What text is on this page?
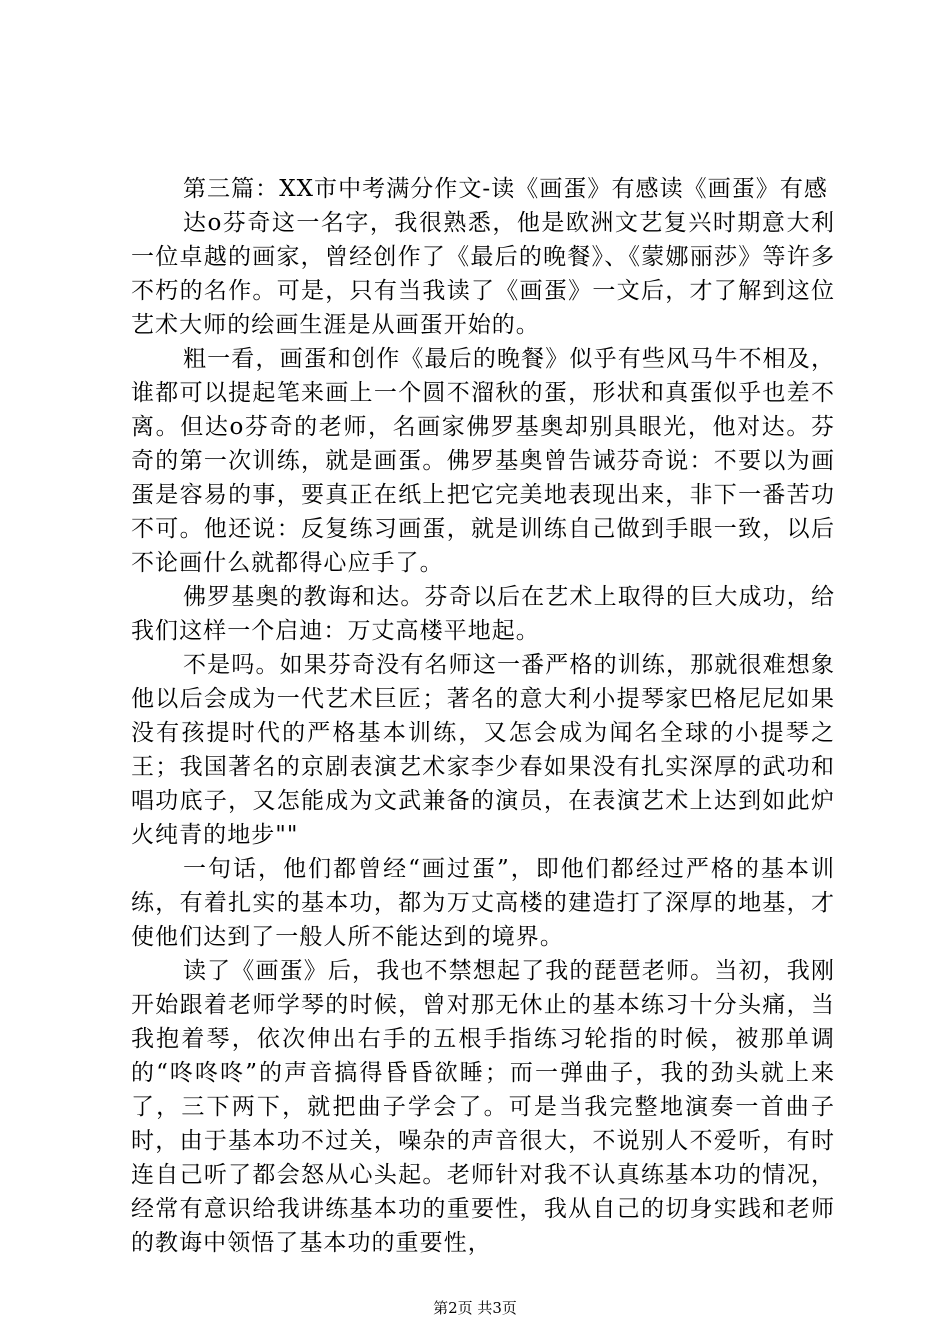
第三篇：XX市中考满分作文-读《画蛋》有感读《画蛋》有感

达o芬奇这一名字，我很熟悉，他是欧洲文艺复兴时期意大利一位卓越的画家，曾经创作了《最后的晚餐》、《蒙娜丽莎》等许多不朽的名作。可是，只有当我读了《画蛋》一文后，才了解到这位艺术大师的绘画生涯是从画蛋开始的。

粗一看，画蛋和创作《最后的晚餐》似乎有些风马牛不相及，谁都可以提起笔来画上一个圆不溜秋的蛋，形状和真蛋似乎也差不离。但达o芬奇的老师，名画家佛罗基奥却别具眼光，他对达。芬奇的第一次训练，就是画蛋。佛罗基奥曾告诫芬奇说：不要以为画蛋是容易的事，要真正在纸上把它完美地表现出来，非下一番苦功不可。他还说：反复练习画蛋，就是训练自己做到手眼一致，以后不论画什么就都得心应手了。

佛罗基奥的教诲和达。芬奇以后在艺术上取得的巨大成功，给我们这样一个启迪：万丈高楼平地起。

不是吗。如果芬奇没有名师这一番严格的训练，那就很难想象他以后会成为一代艺术巨匠；著名的意大利小提琴家巴格尼尼如果没有孩提时代的严格基本训练，又怎会成为闻名全球的小提琴之王；我国著名的京剧表演艺术家李少春如果没有扎实深厚的武功和唱功底子，又怎能成为文武兼备的演员，在表演艺术上达到如此炉火纯青的地步""

一句话，他们都曾经“画过蛋”，即他们都经过严格的基本训练，有着扎实的基本功，都为万丈高楼的建造打了深厚的地基，才使他们达到了一般人所不能达到的境界。

读了《画蛋》后，我也不禁想起了我的琵琶老师。当初，我刚开始跟着老师学琴的时候，曾对那无休止的基本练习十分头痛，当我抱着琴，依次伸出右手的五根手指练习轮指的时候，被那单调的“咚咚咚”的声音搞得昏昏欲睡；而一弹曲子，我的劲头就上来了，三下两下，就把曲子学会了。可是当我完整地演奏一首曲子时，由于基本功不过关，噪杂的声音很大，不说别人不爱听，有时连自己听了都会怒从心头起。老师针对我不认真练基本功的情况，经常有意识给我讲练基本功的重要性，我从自己的切身实践和老师的教诲中领悟了基本功的重要性，

第2页 共3页
